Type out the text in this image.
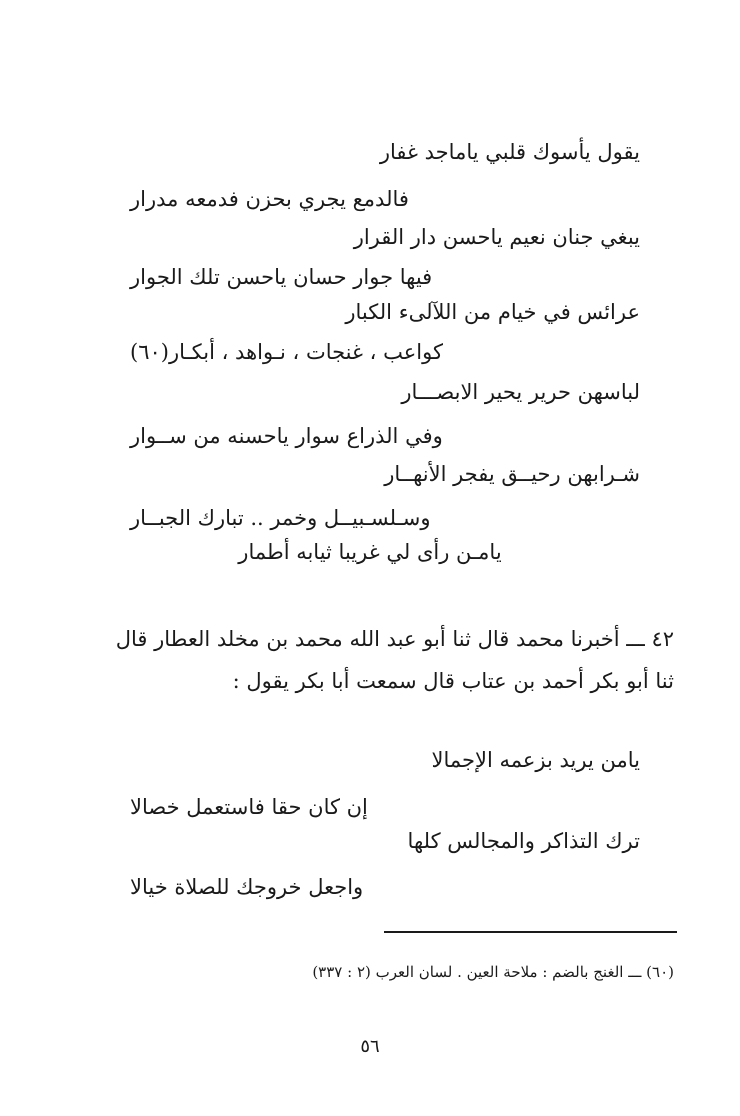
يقول يأسوك قلبي ياماجد غفار
فالدمع يجري بحزن فدمعه مدرار
يبغي جنان نعيم ياحسن دار القرار
فيها جوار حسان ياحسن تلك الجوار
عرائس في خيام من اللآلىء الكبار
كواعب ، غنجات ، نـواهد ، أبكـار(٦٠)
لباسهن حرير يحير الابصـــار
وفي الذراع سوار ياحسنه من ســوار
شـرابهن رحيــق يفجر الأنهــار
وسـلسـبيــل وخمر .. تبارك الجبــار
يامـن رأى لي غريبا ثيابه أطمار
٤٢ ـــ أخبرنا محمد قال ثنا أبو عبد الله محمد بن مخلد العطار قال ثنا أبو بكر أحمد بن عتاب قال سمعت أبا بكر يقول :
يامن يريد بزعمه الإجمالا
إن كان حقا فاستعمل خصالا
ترك التذاكر والمجالس كلها
واجعل خروجك للصلاة خيالا
(٦٠) ـــ الغنج بالضم : ملاحة العين . لسان العرب (٢ : ٣٣٧)
٥٦
